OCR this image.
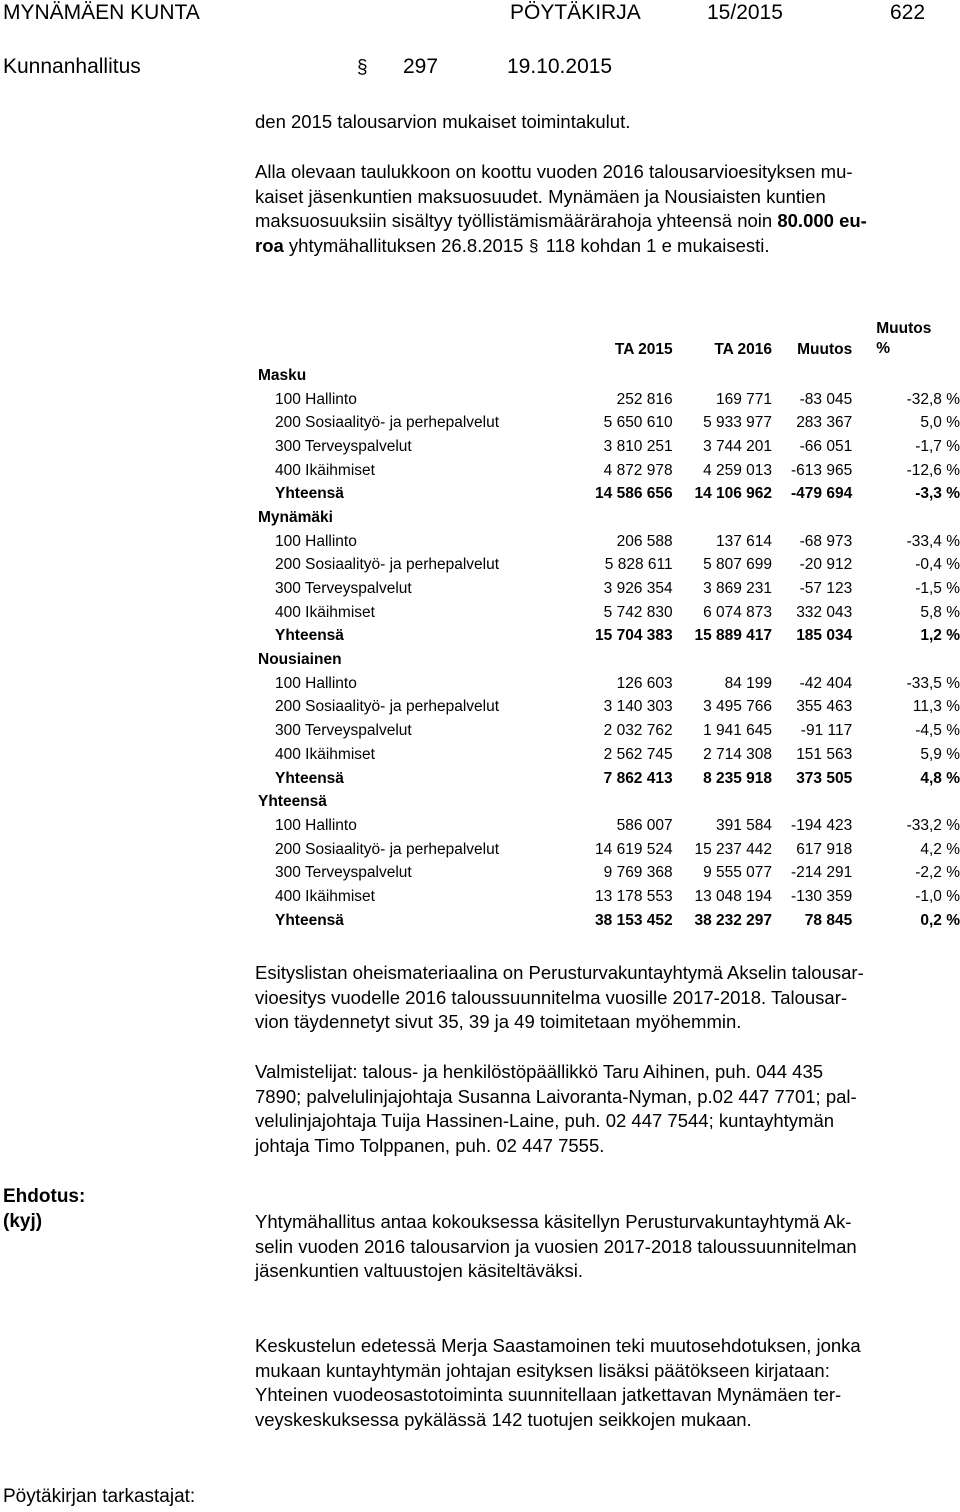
MYNÄMÄEN KUNTA	PÖYTÄKIRJA	15/2015	622
Kunnanhallitus	§ 297	19.10.2015
den 2015 talousarvion mukaiset toimintakulut.
Alla olevaan taulukkoon on koottu vuoden 2016 talousarvioesityksen mu-
kaiset jäsenkuntien maksuosuudet. Mynämäen ja Nousiaisten kuntien
maksuosuuksiin sisältyy työllistämismäärärahoja yhteensä noin 80.000 eu-
roa yhtymähallituksen 26.8.2015 § 118 kohdan 1 e mukaisesti.
	TA 2015	TA 2016	Muutos	Muutos
%
Masku				
100 Hallinto	252 816	169 771	-83 045	-32,8 %
200 Sosiaalityö- ja perhepalvelut	5 650 610	5 933 977	283 367	5,0 %
300 Terveyspalvelut	3 810 251	3 744 201	-66 051	-1,7 %
400 Ikäihmiset	4 872 978	4 259 013	-613 965	-12,6 %
Yhteensä	14 586 656	14 106 962	-479 694	-3,3 %
Mynämäki				
100 Hallinto	206 588	137 614	-68 973	-33,4 %
200 Sosiaalityö- ja perhepalvelut	5 828 611	5 807 699	-20 912	-0,4 %
300 Terveyspalvelut	3 926 354	3 869 231	-57 123	-1,5 %
400 Ikäihmiset	5 742 830	6 074 873	332 043	5,8 %
Yhteensä	15 704 383	15 889 417	185 034	1,2 %
Nousiainen				
100 Hallinto	126 603	84 199	-42 404	-33,5 %
200 Sosiaalityö- ja perhepalvelut	3 140 303	3 495 766	355 463	11,3 %
300 Terveyspalvelut	2 032 762	1 941 645	-91 117	-4,5 %
400 Ikäihmiset	2 562 745	2 714 308	151 563	5,9 %
Yhteensä	7 862 413	8 235 918	373 505	4,8 %
Yhteensä				
100 Hallinto	586 007	391 584	-194 423	-33,2 %
200 Sosiaalityö- ja perhepalvelut	14 619 524	15 237 442	617 918	4,2 %
300 Terveyspalvelut	9 769 368	9 555 077	-214 291	-2,2 %
400 Ikäihmiset	13 178 553	13 048 194	-130 359	-1,0 %
Yhteensä	38 153 452	38 232 297	78 845	0,2 %
Esityslistan oheismateriaalina on Perusturvakuntayhtymä Akselin talousar-
vioesitys vuodelle 2016 taloussuunnitelma vuosille 2017-2018. Talousar-
vion täydennetyt sivut 35, 39 ja 49 toimitetaan myöhemmin.
Valmistelijat: talous- ja henkilöstöpäällikkö Taru Aihinen, puh. 044 435
7890; palvelulinjajohtaja Susanna Laivoranta-Nyman, p.02 447 7701; pal-
velulinjajohtaja Tuija Hassinen-Laine, puh. 02 447 7544; kuntayhtymän
johtaja Timo Tolppanen, puh. 02 447 7555.
Ehdotus:
(kyj)	Yhtymähallitus antaa kokouksessa käsitellyn Perusturvakuntayhtymä Ak-
selin vuoden 2016 talousarvion ja vuosien 2017-2018 taloussuunnitelman
jäsenkuntien valtuustojen käsiteltäväksi.
Keskustelun edetessä Merja Saastamoinen teki muutosehdotuksen, jonka
mukaan kuntayhtymän johtajan esityksen lisäksi päätökseen kirjataan:
Yhteinen vuodeosastotoiminta suunnitellaan jatkettavan Mynämäen ter-
veyskeskuksessa pykälässä 142 tuotujen seikkojen mukaan.
Pöytäkirjan tarkastajat:
